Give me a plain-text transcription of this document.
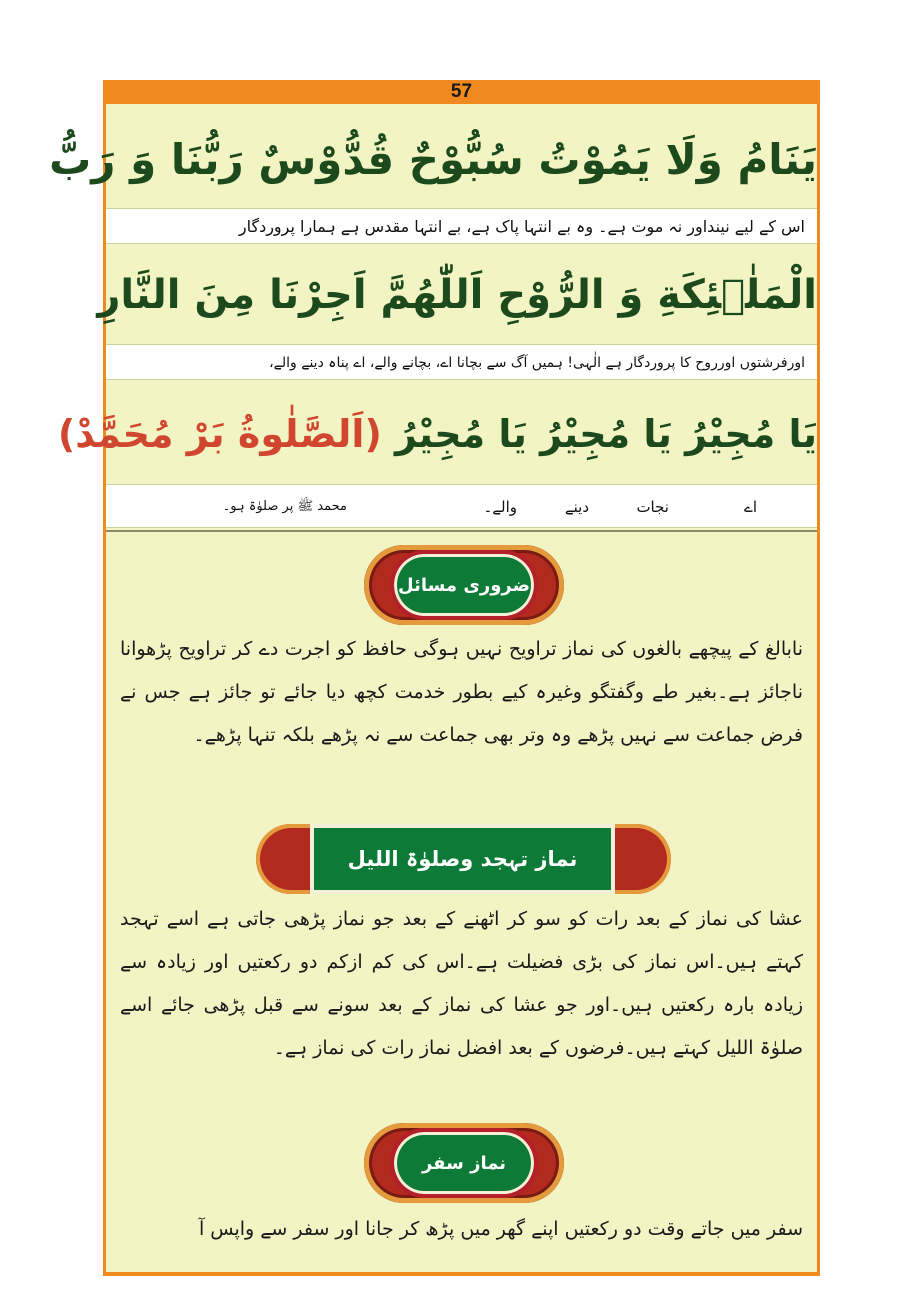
57
يَنَامُ وَلَا يَمُوْتُ سُبُّوْحٌ قُدُّوْسٌ رَبُّنَا وَ رَبُّ
اس کے لیے نینداور نہ موت ہے۔ وہ بے انتہا پاک ہے، بے انتہا مقدس ہے ہمارا پروردگار
الْمَلٰۤئِكَةِ وَ الرُّوْحِ اَللّٰهُمَّ اَجِرْنَا مِنَ النَّارِ
اورفرشتوں اورروح کا پروردگار ہے الٰہی! ہمیں آگ سے بچانا اے، بچانے والے، اے پناہ دینے والے،
يَا مُجِيْرُ يَا مُجِيْرُ يَا مُجِيْرُ (اَلصَّلٰوةُ بَرْ مُحَمَّدْ)
اے
نجات
دینے
والے۔
محمد ﷺ پر صلوٰۃ ہو۔
ضروری مسائل
نابالغ کے پیچھے بالغوں کی نماز تراویح نہیں ہوگی حافظ کو اجرت دے کر تراویح پڑھوانا ناجائز ہے۔بغیر طے وگفتگو وغیرہ کیے بطور خدمت کچھ دیا جائے تو جائز ہے جس نے فرض جماعت سے نہیں پڑھے وہ وتر بھی جماعت سے نہ پڑھے بلکہ تنہا پڑھے۔
نماز تہجد وصلوٰۃ اللیل
عشا کی نماز کے بعد رات کو سو کر اٹھنے کے بعد جو نماز پڑھی جاتی ہے اسے تہجد کہتے ہیں۔اس نماز کی بڑی فضیلت ہے۔اس کی کم ازکم دو رکعتیں اور زیادہ سے زیادہ بارہ رکعتیں ہیں۔اور جو عشا کی نماز کے بعد سونے سے قبل پڑھی جائے اسے صلوٰۃ اللیل کہتے ہیں۔فرضوں کے بعد افضل نماز رات کی نماز ہے۔
نماز سفر
سفر میں جاتے وقت دو رکعتیں اپنے گھر میں پڑھ کر جانا اور سفر سے واپس آ
